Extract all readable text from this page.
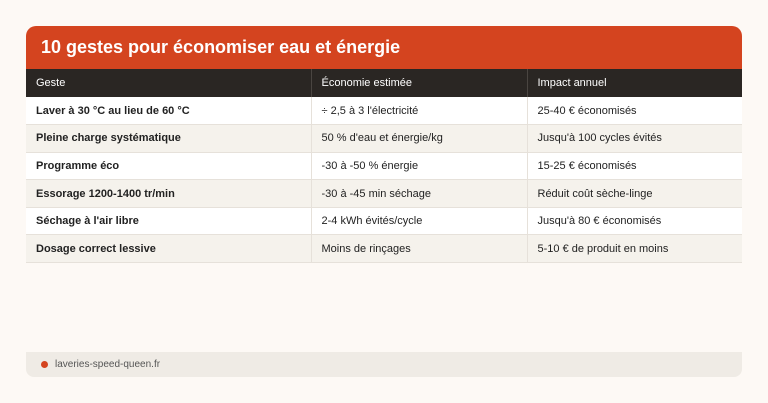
10 gestes pour économiser eau et énergie
Geste	Économie estimée	Impact annuel
Laver à 30 °C au lieu de 60 °C	÷ 2,5 à 3 l'électricité	25-40 € économisés
Pleine charge systématique	50 % d'eau et énergie/kg	Jusqu'à 100 cycles évités
Programme éco	-30 à -50 % énergie	15-25 € économisés
Essorage 1200-1400 tr/min	-30 à -45 min séchage	Réduit coût sèche-linge
Séchage à l'air libre	2-4 kWh évités/cycle	Jusqu'à 80 € économisés
Dosage correct lessive	Moins de rinçages	5-10 € de produit en moins
laveries-speed-queen.fr
